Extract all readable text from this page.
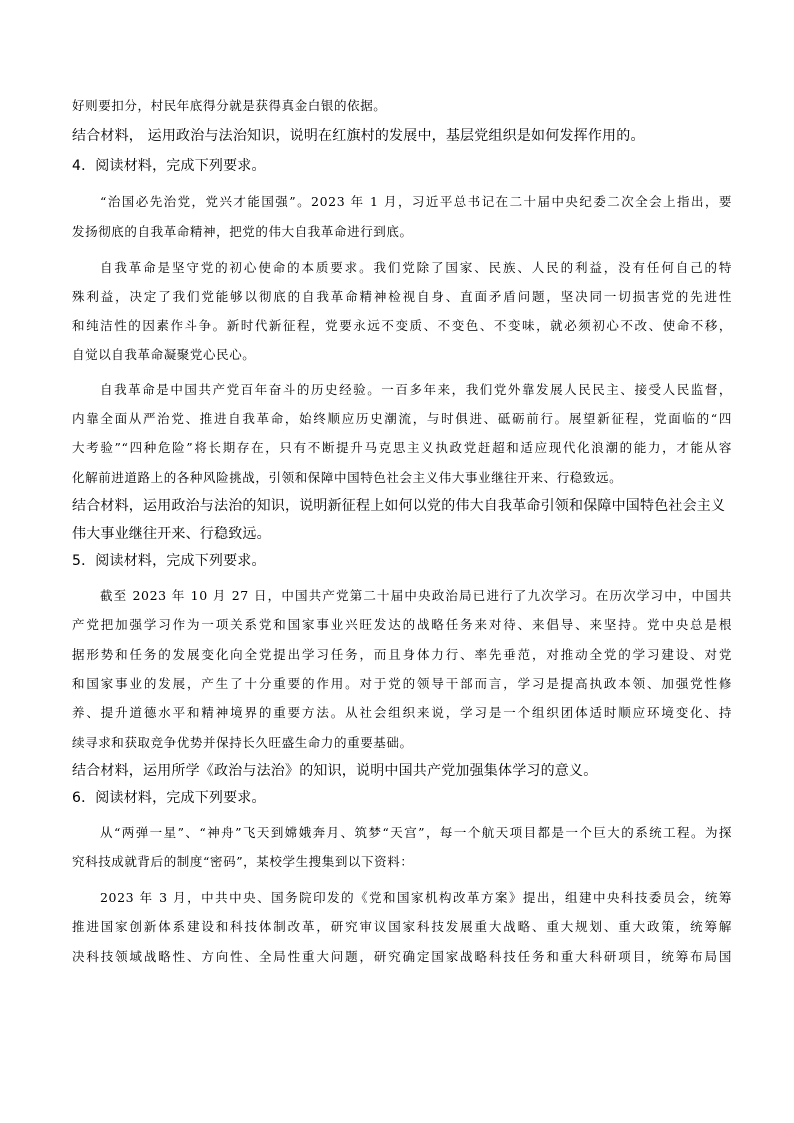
好则要扣分，村民年底得分就是获得真金白银的依据。
结合材料， 运用政治与法治知识，说明在红旗村的发展中，基层党组织是如何发挥作用的。
4．阅读材料，完成下列要求。
“治国必先治党，党兴才能国强”。2023 年 1 月，习近平总书记在二十届中央纪委二次全会上指出，要
发扬彻底的自我革命精神，把党的伟大自我革命进行到底。
自我革命是坚守党的初心使命的本质要求。我们党除了国家、民族、人民的利益，没有任何自己的特
殊利益，决定了我们党能够以彻底的自我革命精神检视自身、直面矛盾问题，坚决同一切损害党的先进性
和纯洁性的因素作斗争。新时代新征程，党要永远不变质、不变色、不变味，就必须初心不改、使命不移，
自觉以自我革命凝聚党心民心。
自我革命是中国共产党百年奋斗的历史经验。一百多年来，我们党外靠发展人民民主、接受人民监督，
内靠全面从严治党、推进自我革命，始终顺应历史潮流，与时俱进、砥砺前行。展望新征程，党面临的“四
大考验”“四种危险”将长期存在，只有不断提升马克思主义执政党赶超和适应现代化浪潮的能力，才能从容
化解前进道路上的各种风险挑战，引领和保障中国特色社会主义伟大事业继往开来、行稳致远。
结合材料，运用政治与法治的知识，说明新征程上如何以党的伟大自我革命引领和保障中国特色社会主义
伟大事业继往开来、行稳致远。
5．阅读材料，完成下列要求。
截至 2023 年 10 月 27 日，中国共产党第二十届中央政治局已进行了九次学习。在历次学习中，中国共
产党把加强学习作为一项关系党和国家事业兴旺发达的战略任务来对待、来倡导、来坚持。党中央总是根
据形势和任务的发展变化向全党提出学习任务，而且身体力行、率先垂范，对推动全党的学习建设、对党
和国家事业的发展，产生了十分重要的作用。对于党的领导干部而言，学习是提高执政本领、加强党性修
养、提升道德水平和精神境界的重要方法。从社会组织来说，学习是一个组织团体适时顺应环境变化、持
续寻求和获取竞争优势并保持长久旺盛生命力的重要基础。
结合材料，运用所学《政治与法治》的知识，说明中国共产党加强集体学习的意义。
6．阅读材料，完成下列要求。
从“两弹一星”、“神舟”飞天到嫦娥奔月、筑梦“天宫”，每一个航天项目都是一个巨大的系统工程。为探
究科技成就背后的制度“密码”，某校学生搜集到以下资料：
2023 年 3 月，中共中央、国务院印发的《党和国家机构改革方案》提出，组建中央科技委员会，统筹
推进国家创新体系建设和科技体制改革，研究审议国家科技发展重大战略、重大规划、重大政策，统筹解
决科技领域战略性、方向性、全局性重大问题，研究确定国家战略科技任务和重大科研项目，统筹布局国
